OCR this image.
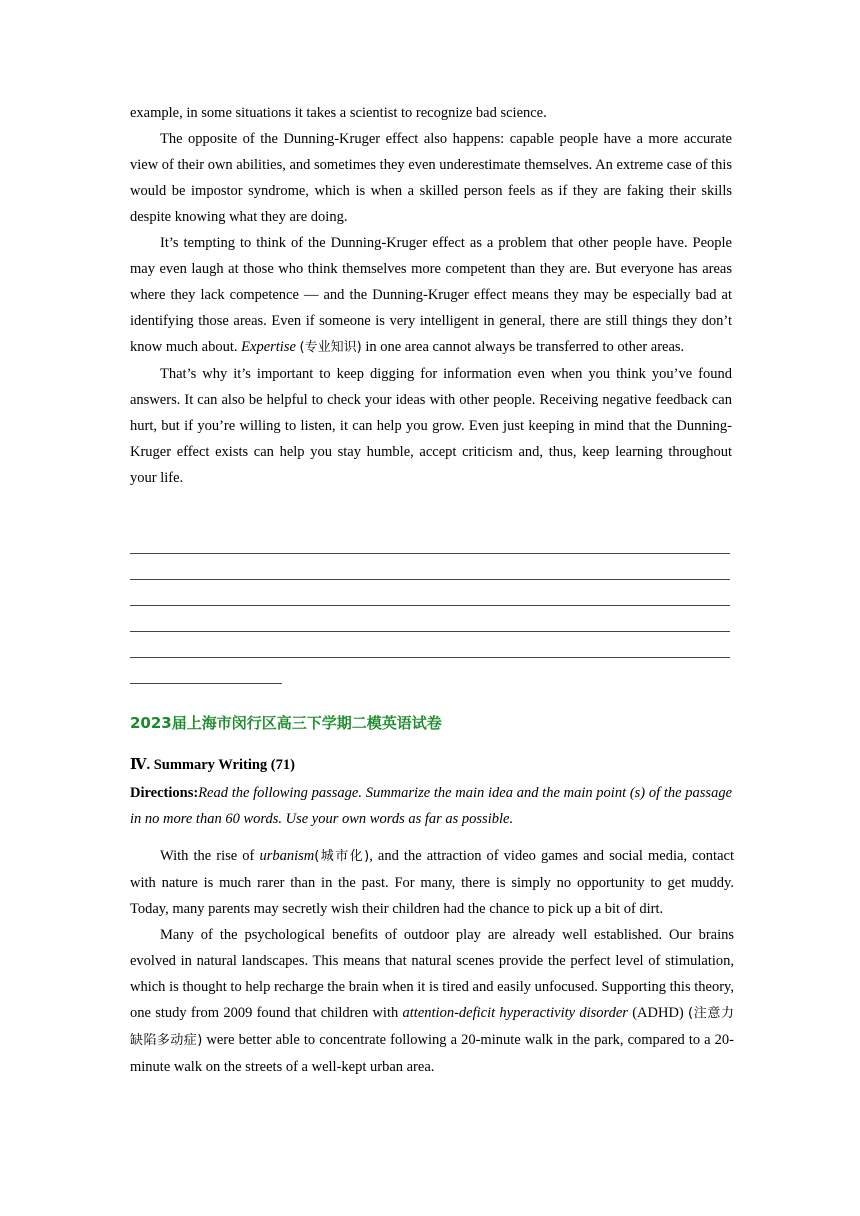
example, in some situations it takes a scientist to recognize bad science.

The opposite of the Dunning-Kruger effect also happens: capable people have a more accurate view of their own abilities, and sometimes they even underestimate themselves. An extreme case of this would be impostor syndrome, which is when a skilled person feels as if they are faking their skills despite knowing what they are doing.

It’s tempting to think of the Dunning-Kruger effect as a problem that other people have. People may even laugh at those who think themselves more competent than they are. But everyone has areas where they lack competence — and the Dunning-Kruger effect means they may be especially bad at identifying those areas. Even if someone is very intelligent in general, there are still things they don’t know much about. Expertise (专业知识) in one area cannot always be transferred to other areas.

That’s why it’s important to keep digging for information even when you think you’ve found answers. It can also be helpful to check your ideas with other people. Receiving negative feedback can hurt, but if you’re willing to listen, it can help you grow. Even just keeping in mind that the Dunning-Kruger effect exists can help you stay humble, accept criticism and, thus, keep learning throughout your life.

2023届上海市闵行区高三下学期二模英语试卷
Ⅳ. Summary Writing (71)

Directions:Read the following passage. Summarize the main idea and the main point (s) of the passage in no more than 60 words. Use your own words as far as possible.

With the rise of urbanism(城市化), and the attraction of video games and social media, contact with nature is much rarer than in the past. For many, there is simply no opportunity to get muddy. Today, many parents may secretly wish their children had the chance to pick up a bit of dirt.

Many of the psychological benefits of outdoor play are already well established. Our brains evolved in natural landscapes. This means that natural scenes provide the perfect level of stimulation, which is thought to help recharge the brain when it is tired and easily unfocused. Supporting this theory, one study from 2009 found that children with attention-deficit hyperactivity disorder (ADHD) (注意力缺陷多动症) were better able to concentrate following a 20-minute walk in the park, compared to a 20-minute walk on the streets of a well-kept urban area.
